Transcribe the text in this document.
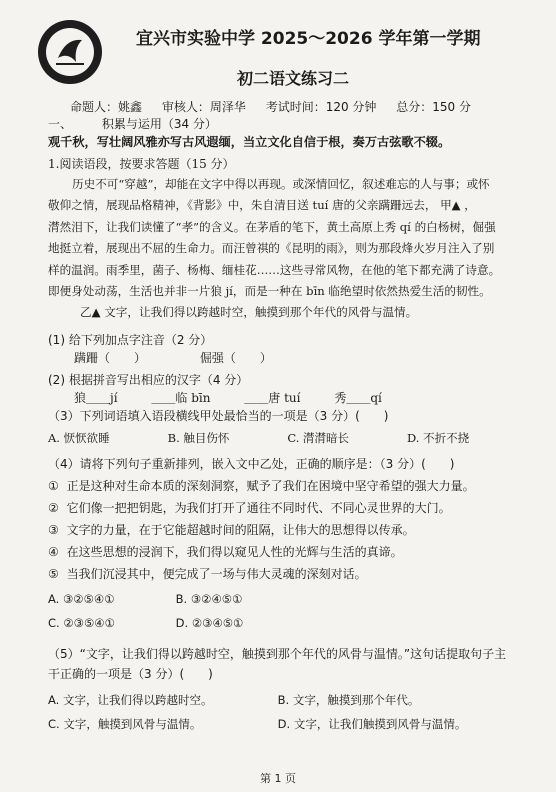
宜兴市实验中学 2025～2026 学年第一学期
初二语文练习二
命题人：姚鑫 审核人：周泽华 考试时间：120 分钟 总分：150 分
一、 积累与运用（34 分）
观千秋，写壮阔风雅亦写古风遐缅，当立文化自信于根，奏万古弦歌不辍。
1.阅读语段，按要求答题（15 分）
历史不可“穿越”，却能在文字中得以再现。或深情回忆，叙述难忘的人与事；或怀
敬仰之情，展现品格精神，《背影》中，朱自清目送 tuí 唐的父亲蹒跚远去， 甲▲ ，
潸然泪下，让我们读懂了“孝”的含义。在茅盾的笔下，黄土高原上秀 qí 的白杨树，倔强
地挺立着，展现出不屈的生命力。而汪曾祺的《昆明的雨》，则为那段烽火岁月注入了别
样的温润。雨季里，菌子、杨梅、缅桂花……这些寻常风物，在他的笔下都充满了诗意。
即便身处动荡，生活也并非一片狼 jí，而是一种在 bīn 临绝望时依然热爱生活的韧性。
乙▲ 文字，让我们得以跨越时空，触摸到那个年代的风骨与温情。
(1) 给下列加点字注音（2 分）
蹒跚（　　）	倔强（　　）
(2) 根据拼音写出相应的汉字（4 分）
狼＿＿jí	＿＿临 bīn	＿＿唐 tuí	秀＿＿qí
（3）下列词语填入语段横线甲处最恰当的一项是（3 分）(　　)
A. 恹恹欲睡	B. 触目伤怀	C. 潸潸暗长	D. 不折不挠
（4）请将下列句子重新排列，嵌入文中乙处，正确的顺序是：（3 分）(　　)
① 正是这种对生命本质的深刻洞察，赋予了我们在困境中坚守希望的强大力量。
② 它们像一把把钥匙，为我们打开了通往不同时代、不同心灵世界的大门。
③ 文字的力量，在于它能超越时间的阻隔，让伟大的思想得以传承。
④ 在这些思想的浸润下，我们得以窥见人性的光辉与生活的真谛。
⑤ 当我们沉浸其中，便完成了一场与伟大灵魂的深刻对话。
A. ③②⑤④①	B. ③②④⑤①
C. ②③⑤④①	D. ②③④⑤①
（5）“文字，让我们得以跨越时空，触摸到那个年代的风骨与温情。”这句话提取句子主
干正确的一项是（3 分）(　　)
A. 文字，让我们得以跨越时空。	B. 文字，触摸到那个年代。
C. 文字，触摸到风骨与温情。	D. 文字，让我们触摸到风骨与温情。
第 1 页
